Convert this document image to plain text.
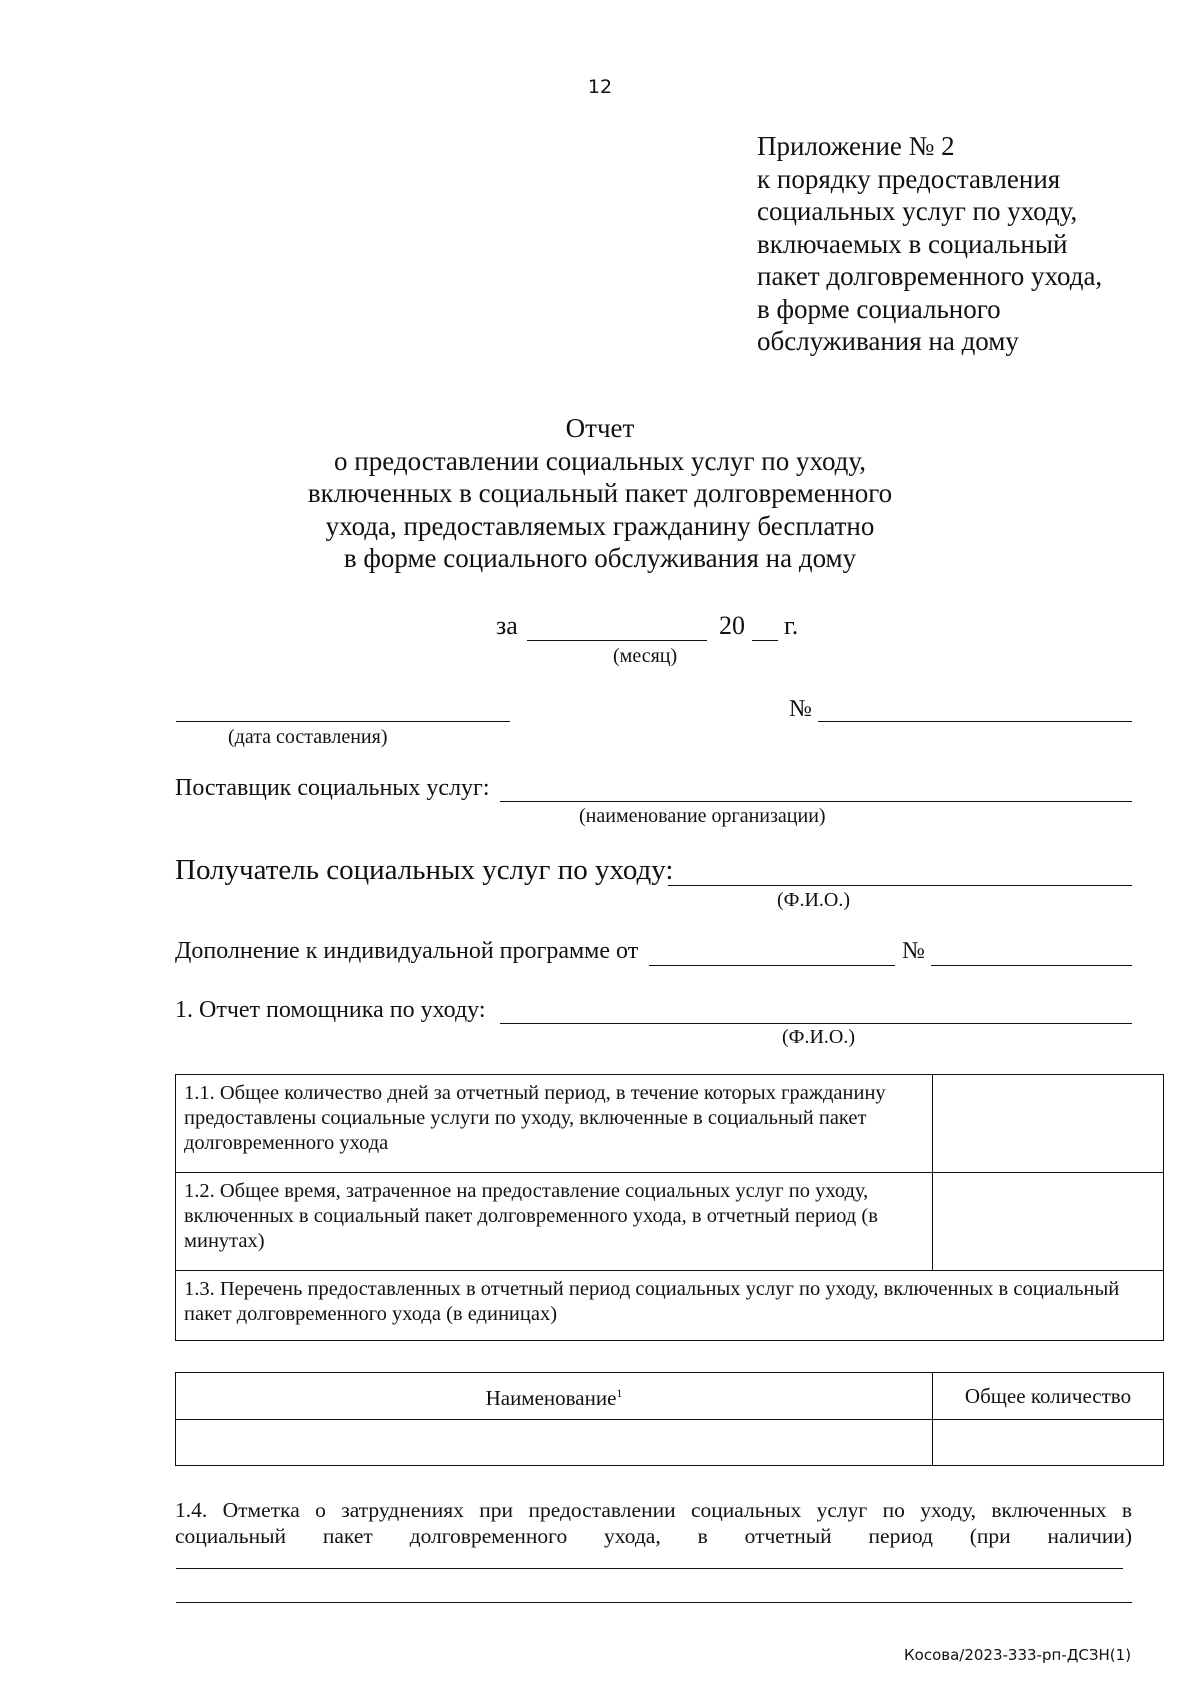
12
Приложение № 2
к порядку предоставления
социальных услуг по уходу,
включаемых в социальный
пакет долговременного ухода,
в форме социального
обслуживания на дому
Отчет
о предоставлении социальных услуг по уходу,
включенных в социальный пакет долговременного
ухода, предоставляемых гражданину бесплатно
в форме социального обслуживания на дому
за	20 г.
(месяц)
(дата составления)
№
Поставщик социальных услуг:
(наименование организации)
Получатель социальных услуг по уходу:
(Ф.И.О.)
Дополнение к индивидуальной программе от	№
1. Отчет помощника по уходу:
(Ф.И.О.)
1.1. Общее количество дней за отчетный период, в течение которых гражданину предоставлены социальные услуги по уходу, включенные в социальный пакет долговременного ухода	
1.2. Общее время, затраченное на предоставление социальных услуг по уходу, включенных в социальный пакет долговременного ухода, в отчетный период (в минутах)	
1.3. Перечень предоставленных в отчетный период социальных услуг по уходу, включенных в социальный пакет долговременного ухода (в единицах)	
Наименование$^1$	Общее количество

1.4. Отметка о затруднениях при предоставлении социальных услуг по уходу, включенных в
социальный пакет долговременного ухода, в отчетный период (при наличии)
Косова/2023-333-рп-ДСЗН(1)
